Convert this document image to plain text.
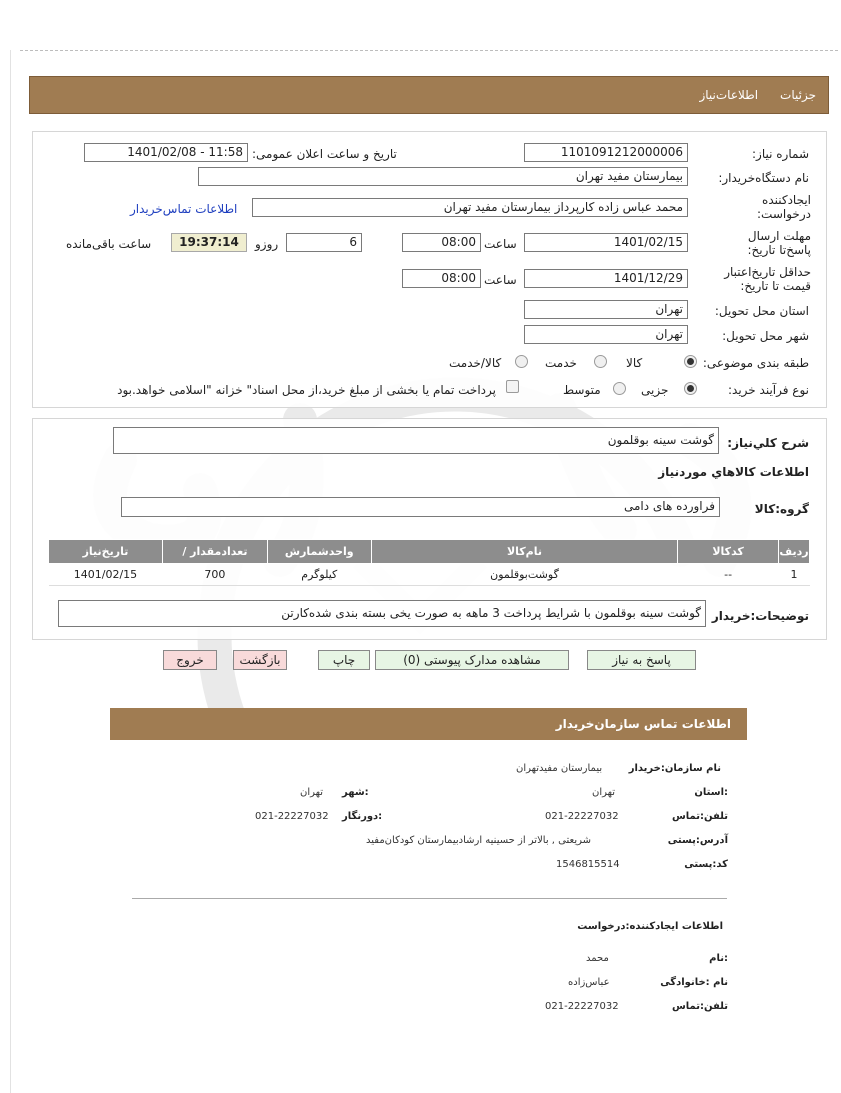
جزئیات
اطلاعات‌نیاز
شماره نیاز:
1101091212000006
تاریخ و ساعت اعلان عمومی:
1401/02/08 - 11:58
نام دستگاه‌خریدار:
بیمارستان مفید تهران
ایجادکننده درخواست:
محمد عباس زاده کارپرداز بیمارستان مفید تهران
اطلاعات تماس‌خریدار
مهلت ارسال پاسخ‌تا تاریخ:
1401/02/15
ساعت
08:00
6
روزو
19:37:14
ساعت باقی‌مانده
حداقل تاریخ‌اعتبار قیمت تا تاریخ:
1401/12/29
ساعت
08:00
استان محل تحویل:
تهران
شهر محل تحویل:
تهران
طبقه بندی موضوعی:
کالا
خدمت
کالا/خدمت
نوع فرآیند خرید:
جزیی
متوسط
پرداخت تمام یا بخشی از مبلغ خرید،از محل اسناد" خزانه "اسلامی خواهد.بود
شرح کلي‌نیاز:
گوشت سینه بوقلمون
اطلاعات کالاهاي موردنیاز
گروه:کالا
فراورده های دامی
ردیف	کدکالا	نام‌کالا	واحدشمارش	تعدادمقدار /	تاریخ‌نیاز
1	--	گوشت‌بوقلمون	کیلوگرم	700	1401/02/15
توضیحات:خریدار
گوشت سینه بوقلمون با شرایط پرداخت 3 ماهه به صورت یخی بسته بندی شده‌کارتن
پاسخ به نیاز
مشاهده مدارک پیوستی (0)
چاپ
بازگشت
خروج
اطلاعات تماس سازمان‌خریدار
نام سازمان:خریدار
بیمارستان مفیدتهران
:استان
تهران
:شهر
تهران
تلفن:تماس
021-22227032
:دورنگار
021-22227032
آدرس:پستی
شریعتی , بالاتر از حسینیه ارشادبیمارستان کودکان‌مفید
کد:پستی
1546815514
اطلاعات ایجادکننده:درخواست
:نام
محمد
نام :خانوادگی
عباس‌زاده
تلفن:تماس
021-22227032
